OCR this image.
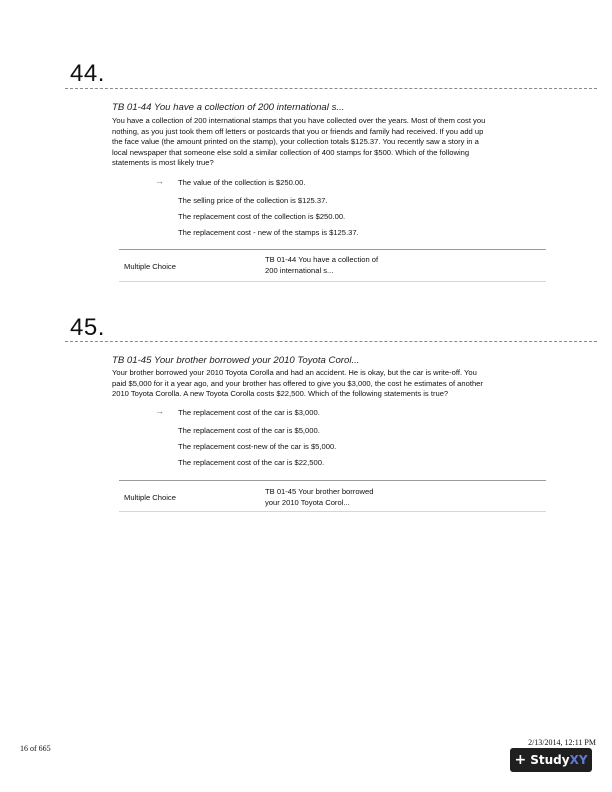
44.
TB 01-44 You have a collection of 200 international s...
You have a collection of 200 international stamps that you have collected over the years. Most of them cost you
nothing, as you just took them off letters or postcards that you or friends and family had received. If you add up
the face value (the amount printed on the stamp), your collection totals $125.37. You recently saw a story in a
local newspaper that someone else sold a similar collection of 400 stamps for $500. Which of the following
statements is most likely true?
→ The value of the collection is $250.00.
The selling price of the collection is $125.37.
The replacement cost of the collection is $250.00.
The replacement cost - new of the stamps is $125.37.
Multiple Choice
TB 01-44 You have a collection of
200 international s...
45.
TB 01-45 Your brother borrowed your 2010 Toyota Corol...
Your brother borrowed your 2010 Toyota Corolla and had an accident. He is okay, but the car is write-off. You
paid $5,000 for it a year ago, and your brother has offered to give you $3,000, the cost he estimates of another
2010 Toyota Corolla. A new Toyota Corolla costs $22,500. Which of the following statements is true?
→ The replacement cost of the car is $3,000.
The replacement cost of the car is $5,000.
The replacement cost-new of the car is $5,000.
The replacement cost of the car is $22,500.
Multiple Choice
TB 01-45 Your brother borrowed
your 2010 Toyota Corol...
16 of 665
2/13/2014, 12:11 PM
+ Study XY
